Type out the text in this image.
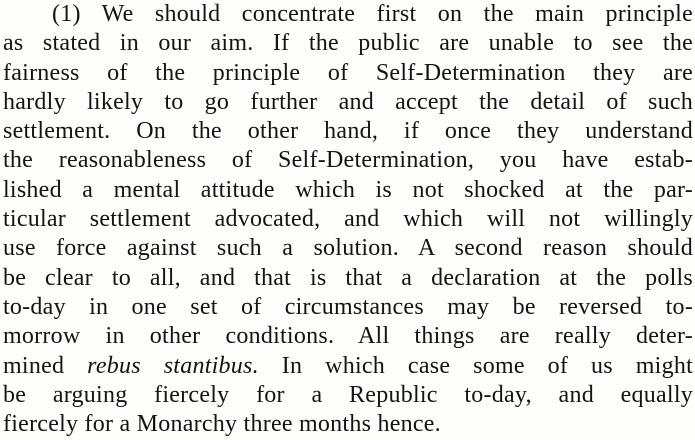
(1) We should concentrate first on the main principle
as stated in our aim. If the public are unable to see the
fairness of the principle of Self-Determination they are
hardly likely to go further and accept the detail of such
settlement. On the other hand, if once they understand
the reasonableness of Self-Determination, you have estab-
lished a mental attitude which is not shocked at the par-
ticular settlement advocated, and which will not willingly
use force against such a solution. A second reason should
be clear to all, and that is that a declaration at the polls
to-day in one set of circumstances may be reversed to-
morrow in other conditions. All things are really deter-
mined rebus stantibus. In which case some of us might
be arguing fiercely for a Republic to-day, and equally
fiercely for a Monarchy three months hence.
